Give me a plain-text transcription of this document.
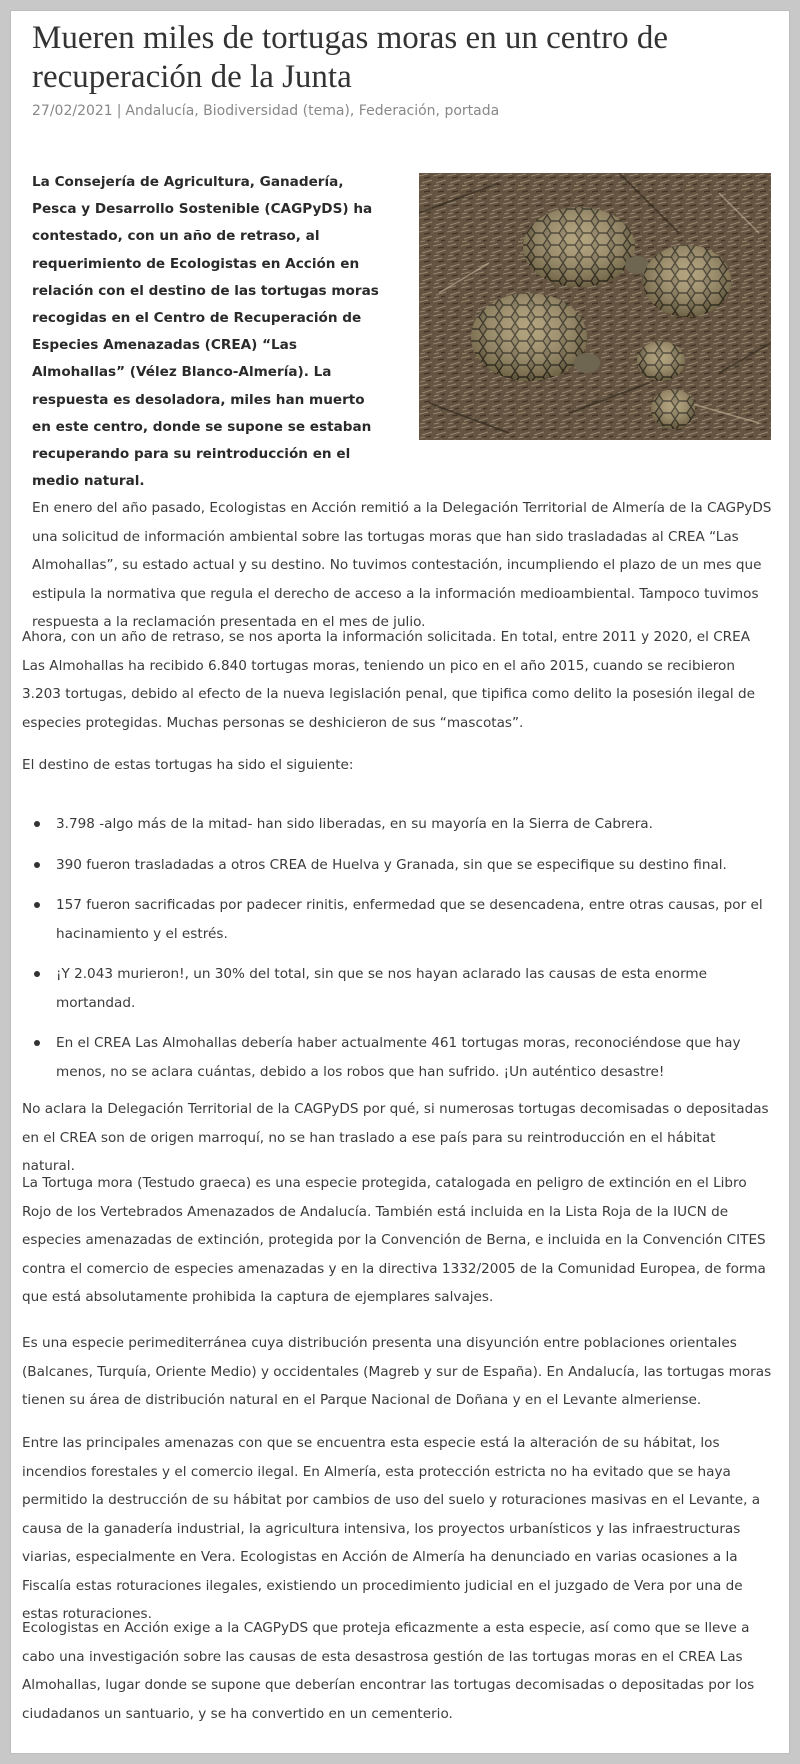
Mueren miles de tortugas moras en un centro de recuperación de la Junta
27/02/2021 | Andalucía, Biodiversidad (tema), Federación, portada

La Consejería de Agricultura, Ganadería, Pesca y Desarrollo Sostenible (CAGPyDS) ha contestado, con un año de retraso, al requerimiento de Ecologistas en Acción en relación con el destino de las tortugas moras recogidas en el Centro de Recuperación de Especies Amenazadas (CREA) “Las Almohallas” (Vélez Blanco-Almería). La respuesta es desoladora, miles han muerto en este centro, donde se supone se estaban recuperando para su reintroducción en el medio natural.

En enero del año pasado, Ecologistas en Acción remitió a la Delegación Territorial de Almería de la CAGPyDS una solicitud de información ambiental sobre las tortugas moras que han sido trasladadas al CREA “Las Almohallas”, su estado actual y su destino. No tuvimos contestación, incumpliendo el plazo de un mes que estipula la normativa que regula el derecho de acceso a la información medioambiental. Tampoco tuvimos respuesta a la reclamación presentada en el mes de julio.

Ahora, con un año de retraso, se nos aporta la información solicitada. En total, entre 2011 y 2020, el CREA Las Almohallas ha recibido 6.840 tortugas moras, teniendo un pico en el año 2015, cuando se recibieron 3.203 tortugas, debido al efecto de la nueva legislación penal, que tipifica como delito la posesión ilegal de especies protegidas. Muchas personas se deshicieron de sus “mascotas”.

El destino de estas tortugas ha sido el siguiente:

3.798 -algo más de la mitad- han sido liberadas, en su mayoría en la Sierra de Cabrera.
390 fueron trasladadas a otros CREA de Huelva y Granada, sin que se especifique su destino final.
157 fueron sacrificadas por padecer rinitis, enfermedad que se desencadena, entre otras causas, por el hacinamiento y el estrés.
¡Y 2.043 murieron!, un 30% del total, sin que se nos hayan aclarado las causas de esta enorme mortandad.
En el CREA Las Almohallas debería haber actualmente 461 tortugas moras, reconociéndose que hay menos, no se aclara cuántas, debido a los robos que han sufrido. ¡Un auténtico desastre!

No aclara la Delegación Territorial de la CAGPyDS por qué, si numerosas tortugas decomisadas o depositadas en el CREA son de origen marroquí, no se han traslado a ese país para su reintroducción en el hábitat natural.

La Tortuga mora (Testudo graeca) es una especie protegida, catalogada en peligro de extinción en el Libro Rojo de los Vertebrados Amenazados de Andalucía. También está incluida en la Lista Roja de la IUCN de especies amenazadas de extinción, protegida por la Convención de Berna, e incluida en la Convención CITES contra el comercio de especies amenazadas y en la directiva 1332/2005 de la Comunidad Europea, de forma que está absolutamente prohibida la captura de ejemplares salvajes.

Es una especie perimediterránea cuya distribución presenta una disyunción entre poblaciones orientales (Balcanes, Turquía, Oriente Medio) y occidentales (Magreb y sur de España). En Andalucía, las tortugas moras tienen su área de distribución natural en el Parque Nacional de Doñana y en el Levante almeriense.

Entre las principales amenazas con que se encuentra esta especie está la alteración de su hábitat, los incendios forestales y el comercio ilegal. En Almería, esta protección estricta no ha evitado que se haya permitido la destrucción de su hábitat por cambios de uso del suelo y roturaciones masivas en el Levante, a causa de la ganadería industrial, la agricultura intensiva, los proyectos urbanísticos y las infraestructuras viarias, especialmente en Vera. Ecologistas en Acción de Almería ha denunciado en varias ocasiones a la Fiscalía estas roturaciones ilegales, existiendo un procedimiento judicial en el juzgado de Vera por una de estas roturaciones.

Ecologistas en Acción exige a la CAGPyDS que proteja eficazmente a esta especie, así como que se lleve a cabo una investigación sobre las causas de esta desastrosa gestión de las tortugas moras en el CREA Las Almohallas, lugar donde se supone que deberían encontrar las tortugas decomisadas o depositadas por los ciudadanos un santuario, y se ha convertido en un cementerio.
